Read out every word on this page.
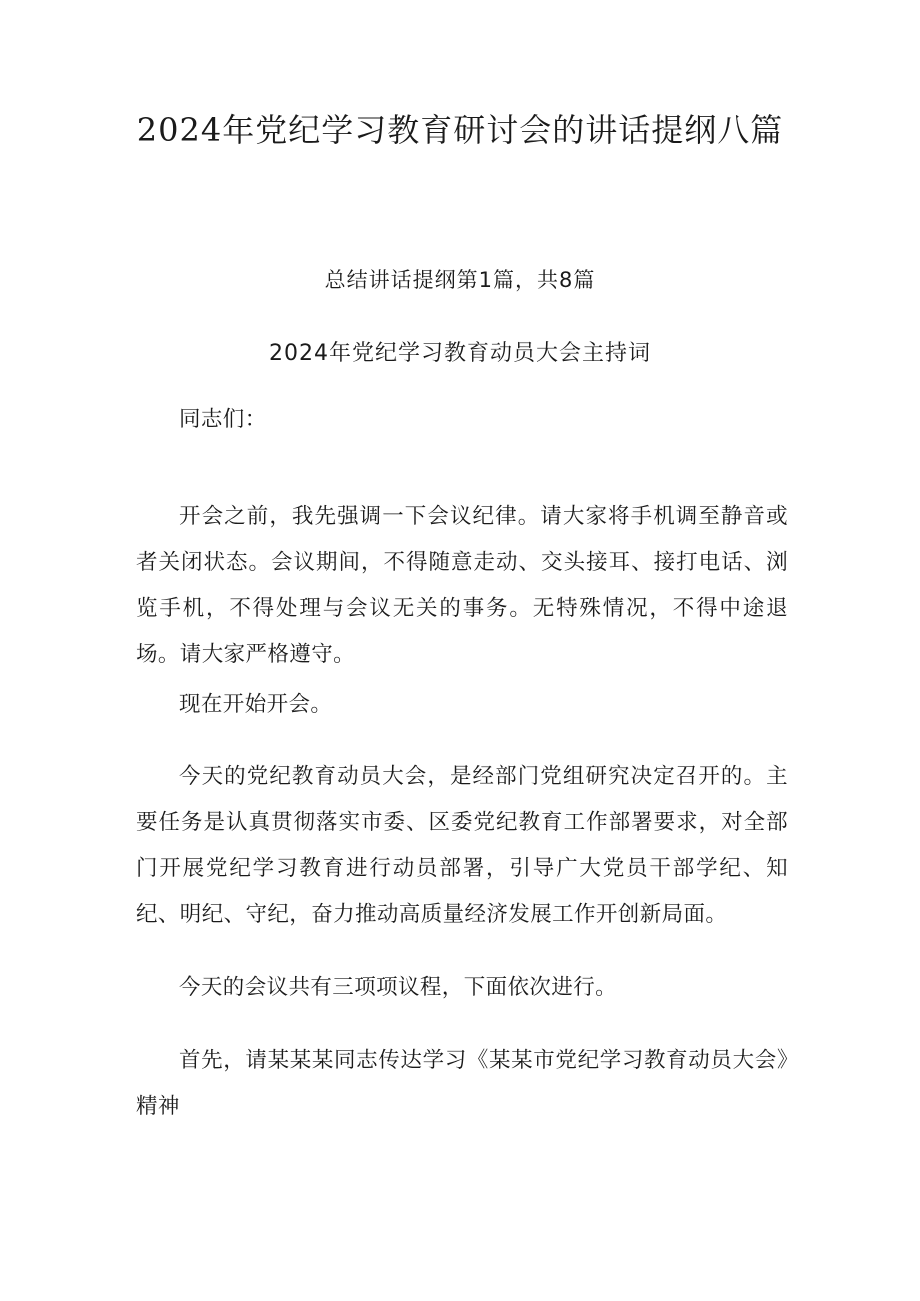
2024年党纪学习教育研讨会的讲话提纲八篇
总结讲话提纲第1篇，共8篇
2024年党纪学习教育动员大会主持词

同志们：

开会之前，我先强调一下会议纪律。请大家将手机调至静音或者关闭状态。会议期间，不得随意走动、交头接耳、接打电话、浏览手机，不得处理与会议无关的事务。无特殊情况，不得中途退场。请大家严格遵守。

现在开始开会。

今天的党纪教育动员大会，是经部门党组研究决定召开的。主要任务是认真贯彻落实市委、区委党纪教育工作部署要求，对全部门开展党纪学习教育进行动员部署，引导广大党员干部学纪、知纪、明纪、守纪，奋力推动高质量经济发展工作开创新局面。

今天的会议共有三项项议程，下面依次进行。

首先，请某某某同志传达学习《某某市党纪学习教育动员大会》精神
